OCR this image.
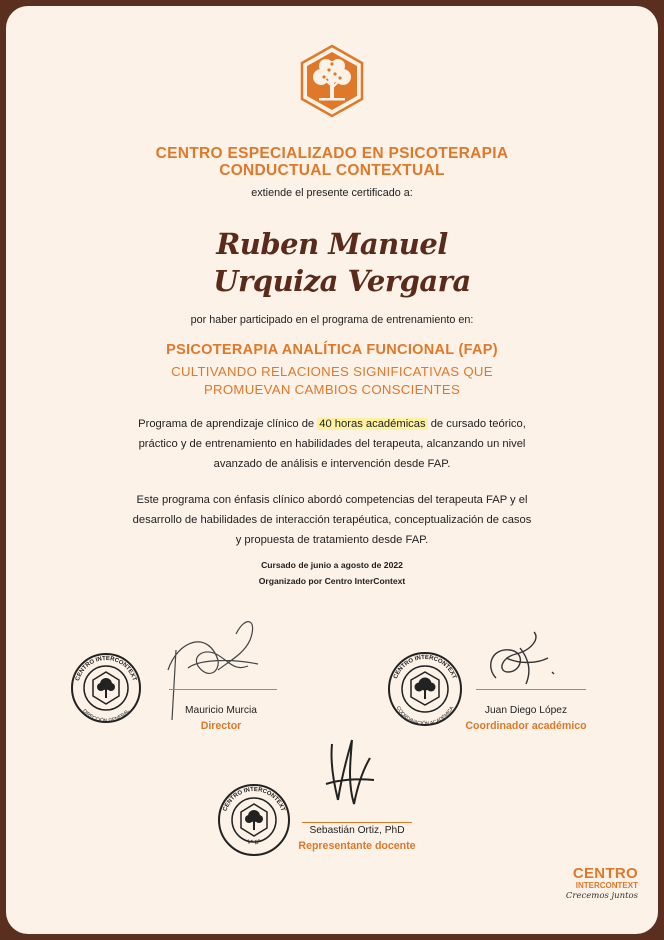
CENTRO ESPECIALIZADO EN PSICOTERAPIA
CONDUCTUAL CONTEXTUAL
extiende el presente certificado a:
Ruben Manuel
Urquiza Vergara
por haber participado en el programa de entrenamiento en:
PSICOTERAPIA ANALÍTICA FUNCIONAL (FAP)
CULTIVANDO RELACIONES SIGNIFICATIVAS QUE
PROMUEVAN CAMBIOS CONSCIENTES
Programa de aprendizaje clínico de 40 horas académicas de cursado teórico,
práctico y de entrenamiento en habilidades del terapeuta, alcanzando un nivel
avanzado de análisis e intervención desde FAP.
Este programa con énfasis clínico abordó competencias del terapeuta FAP y el
desarrollo de habilidades de interacción terapéutica, conceptualización de casos
y propuesta de tratamiento desde FAP.
Cursado de junio a agosto de 2022
Organizado por Centro InterContext
CENTRO INTERCONTEXT
DIRECCIÓN GENERAL	Mauricio Murcia
Director
CENTRO INTERCONTEXT
COORDINACIÓN ACADÉMICA	Juan Diego López
Coordinador académico
CENTRO INTERCONTEXT
Vº Bº
Sebastián Ortiz, PhD
Representante docente
CENTRO
INTERCONTEXT
Crecemos juntos
